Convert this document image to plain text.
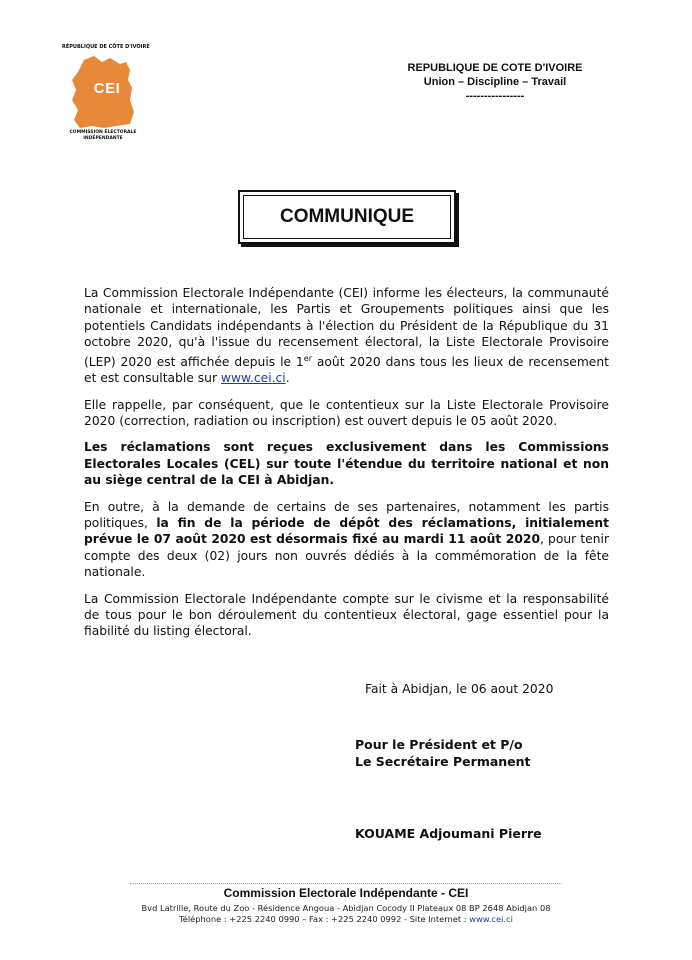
RÉPUBLIQUE DE CÔTE D'IVOIRE
CEI
COMMISSION ÉLECTORALE
INDÉPENDANTE
REPUBLIQUE DE COTE D'IVOIRE
Union – Discipline – Travail
----------------
COMMUNIQUE

La Commission Electorale Indépendante (CEI) informe les électeurs, la communauté nationale et internationale, les Partis et Groupements politiques ainsi que les potentiels Candidats indépendants à l'élection du Président de la République du 31 octobre 2020, qu'à l'issue du recensement électoral, la Liste Electorale Provisoire (LEP) 2020 est affichée depuis le 1er août 2020 dans tous les lieux de recensement et est consultable sur www.cei.ci.

Elle rappelle, par conséquent, que le contentieux sur la Liste Electorale Provisoire 2020 (correction, radiation ou inscription) est ouvert depuis le 05 août 2020.

Les réclamations sont reçues exclusivement dans les Commissions Electorales Locales (CEL) sur toute l'étendue du territoire national et non au siège central de la CEI à Abidjan.

En outre, à la demande de certains de ses partenaires, notamment les partis politiques, la fin de la période de dépôt des réclamations, initialement prévue le 07 août 2020 est désormais fixé au mardi 11 août 2020, pour tenir compte des deux (02) jours non ouvrés dédiés à la commémoration de la fête nationale.

La Commission Electorale Indépendante compte sur le civisme et la responsabilité de tous pour le bon déroulement du contentieux électoral, gage essentiel pour la fiabilité du listing électoral.

Fait à Abidjan, le 06 aout 2020
Pour le Président et P/o
Le Secrétaire Permanent
KOUAME Adjoumani Pierre
Commission Electorale Indépendante - CEI
Bvd Latrille, Route du Zoo - Résidence Angoua - Abidjan Cocody II Plateaux 08 BP 2648 Abidjan 08
Téléphone : +225 2240 0990 – Fax : +225 2240 0992 - Site Internet : www.cei.ci
